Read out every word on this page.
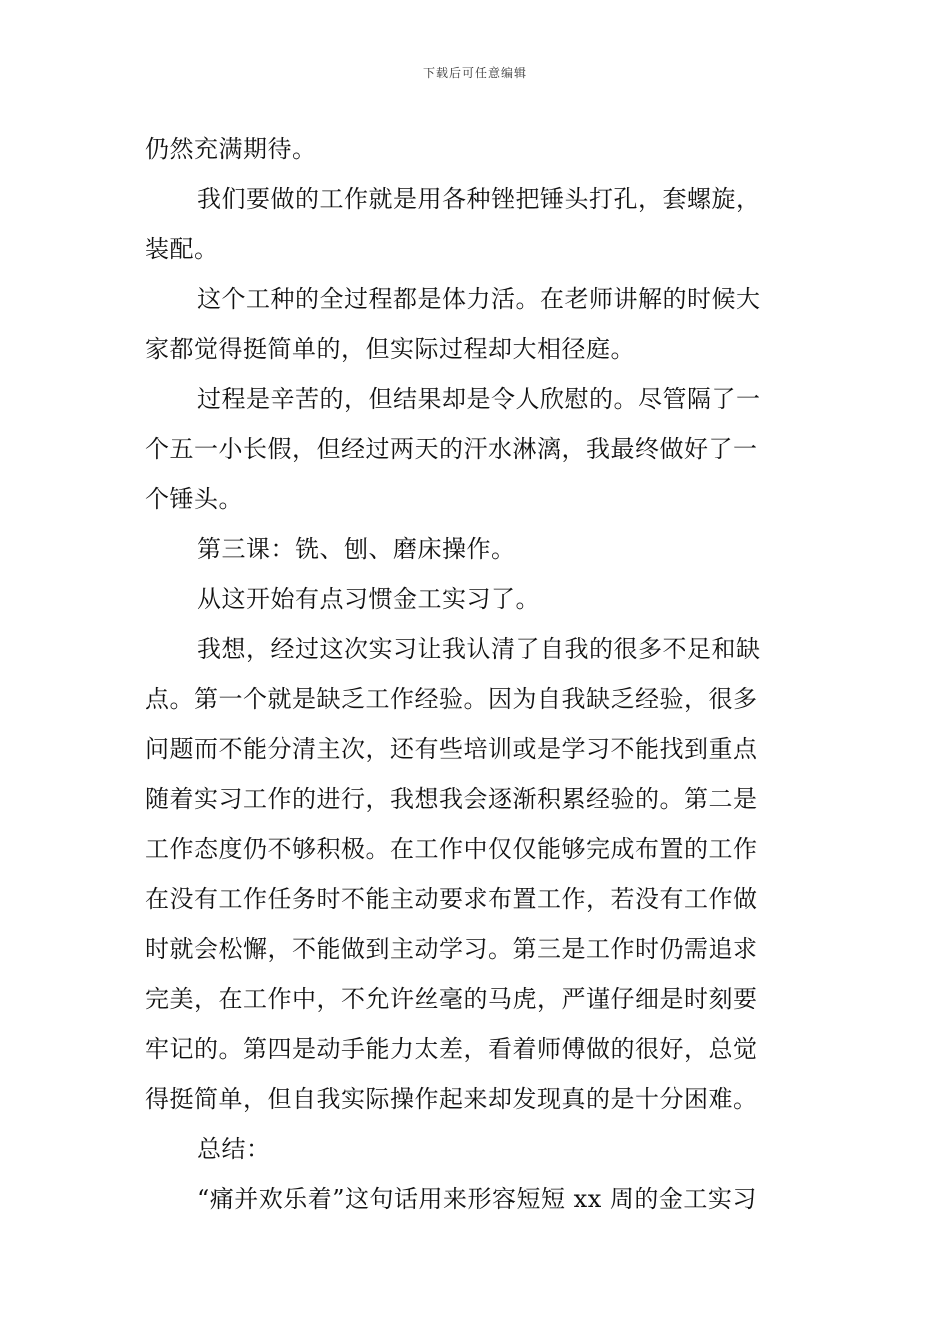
下载后可任意编辑
仍然充满期待。
我们要做的工作就是用各种锉把锤头打孔，套螺旋，
装配。
这个工种的全过程都是体力活。在老师讲解的时候大
家都觉得挺简单的，但实际过程却大相径庭。
过程是辛苦的，但结果却是令人欣慰的。尽管隔了一
个五一小长假，但经过两天的汗水淋漓，我最终做好了一
个锤头。
第三课：铣、刨、磨床操作。
从这开始有点习惯金工实习了。
我想，经过这次实习让我认清了自我的很多不足和缺
点。第一个就是缺乏工作经验。因为自我缺乏经验，很多
问题而不能分清主次，还有些培训或是学习不能找到重点
随着实习工作的进行，我想我会逐渐积累经验的。第二是
工作态度仍不够积极。在工作中仅仅能够完成布置的工作
在没有工作任务时不能主动要求布置工作，若没有工作做
时就会松懈，不能做到主动学习。第三是工作时仍需追求
完美，在工作中，不允许丝毫的马虎，严谨仔细是时刻要
牢记的。第四是动手能力太差，看着师傅做的很好，总觉
得挺简单，但自我实际操作起来却发现真的是十分困难。
总结：
“痛并欢乐着”这句话用来形容短短 xx 周的金工实习
